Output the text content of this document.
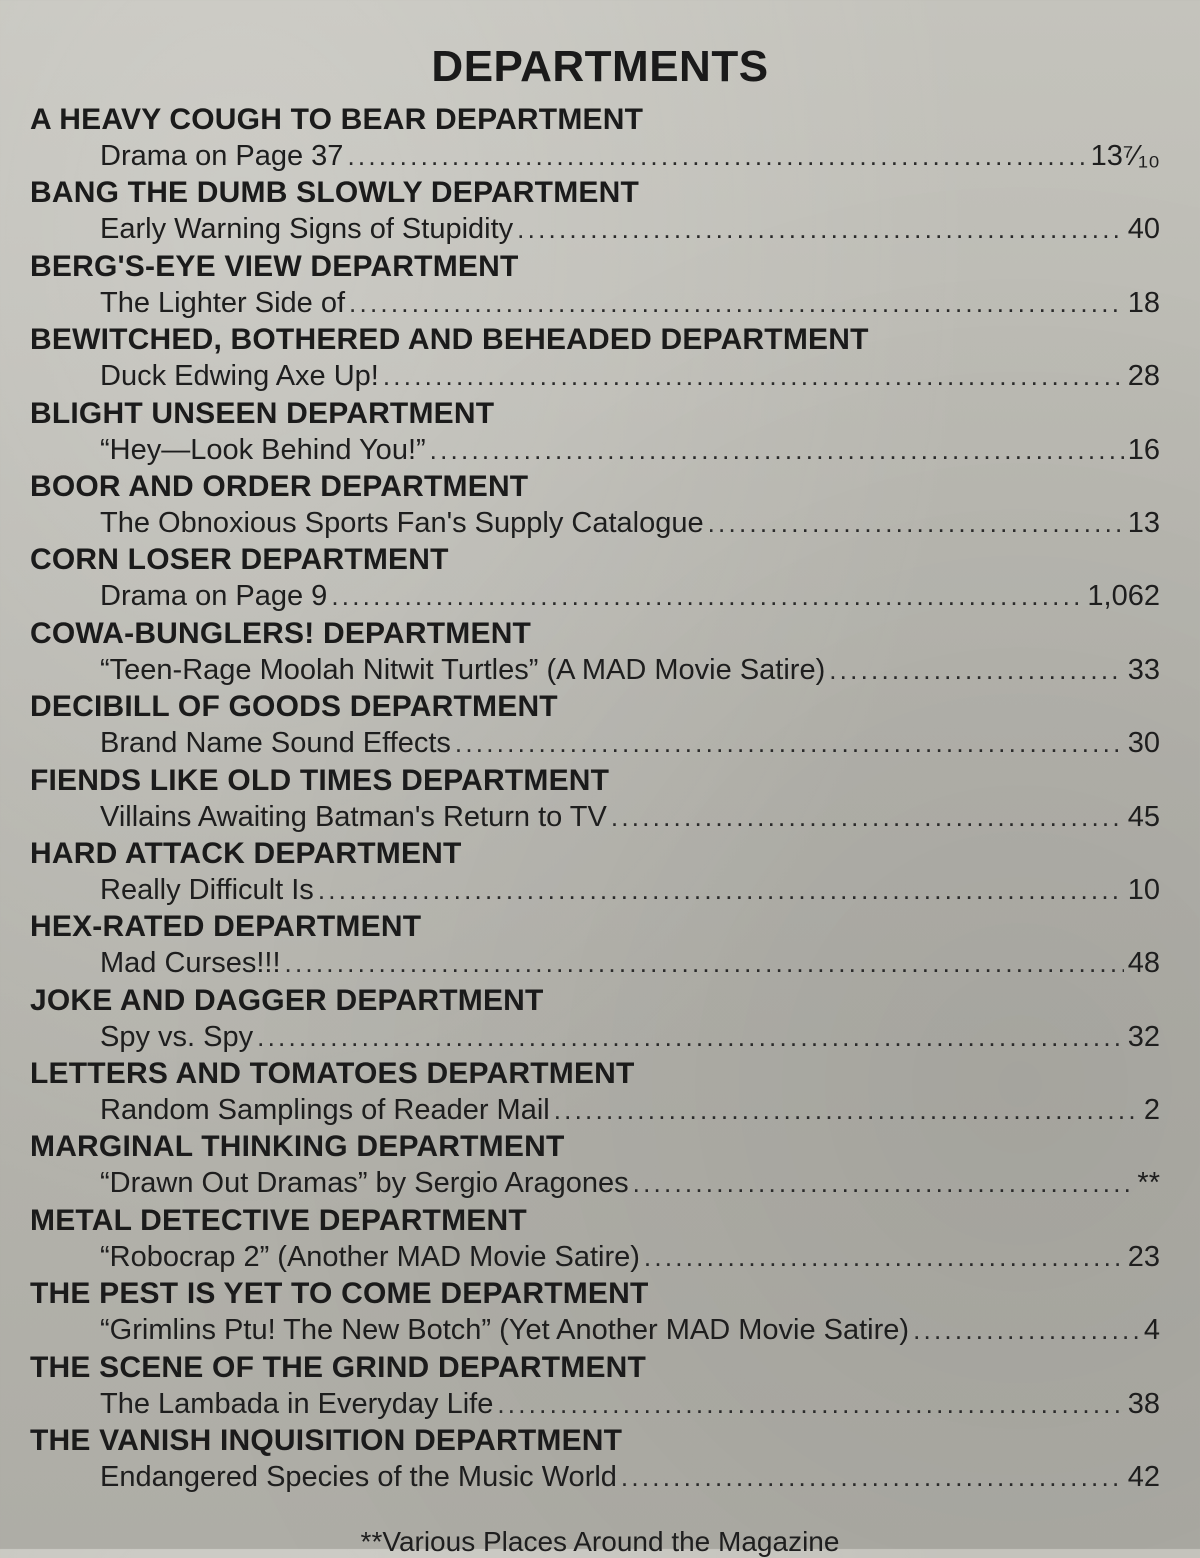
DEPARTMENTS
A HEAVY COUGH TO BEAR DEPARTMENT
Drama on Page 37 . . .	13⁷⁄₁₀
BANG THE DUMB SLOWLY DEPARTMENT
Early Warning Signs of Stupidity . . .	40
BERG'S-EYE VIEW DEPARTMENT
The Lighter Side of . . .	18
BEWITCHED, BOTHERED AND BEHEADED DEPARTMENT
Duck Edwing Axe Up! . . .	28
BLIGHT UNSEEN DEPARTMENT
“Hey—Look Behind You!” . . .	16
BOOR AND ORDER DEPARTMENT
The Obnoxious Sports Fan's Supply Catalogue . . .	13
CORN LOSER DEPARTMENT
Drama on Page 9 . . .	1,062
COWA-BUNGLERS! DEPARTMENT
“Teen-Rage Moolah Nitwit Turtles” (A MAD Movie Satire) . . .	33
DECIBILL OF GOODS DEPARTMENT
Brand Name Sound Effects . . .	30
FIENDS LIKE OLD TIMES DEPARTMENT
Villains Awaiting Batman's Return to TV . . .	45
HARD ATTACK DEPARTMENT
Really Difficult Is . . .	10
HEX-RATED DEPARTMENT
Mad Curses!!! . . .	48
JOKE AND DAGGER DEPARTMENT
Spy vs. Spy . . .	32
LETTERS AND TOMATOES DEPARTMENT
Random Samplings of Reader Mail . . .	2
MARGINAL THINKING DEPARTMENT
“Drawn Out Dramas” by Sergio Aragones . . .	**
METAL DETECTIVE DEPARTMENT
“Robocrap 2” (Another MAD Movie Satire) . . .	23
THE PEST IS YET TO COME DEPARTMENT
“Grimlins Ptu! The New Botch” (Yet Another MAD Movie Satire) . . .	4
THE SCENE OF THE GRIND DEPARTMENT
The Lambada in Everyday Life . . .	38
THE VANISH INQUISITION DEPARTMENT
Endangered Species of the Music World . . .	42
**Various Places Around the Magazine
